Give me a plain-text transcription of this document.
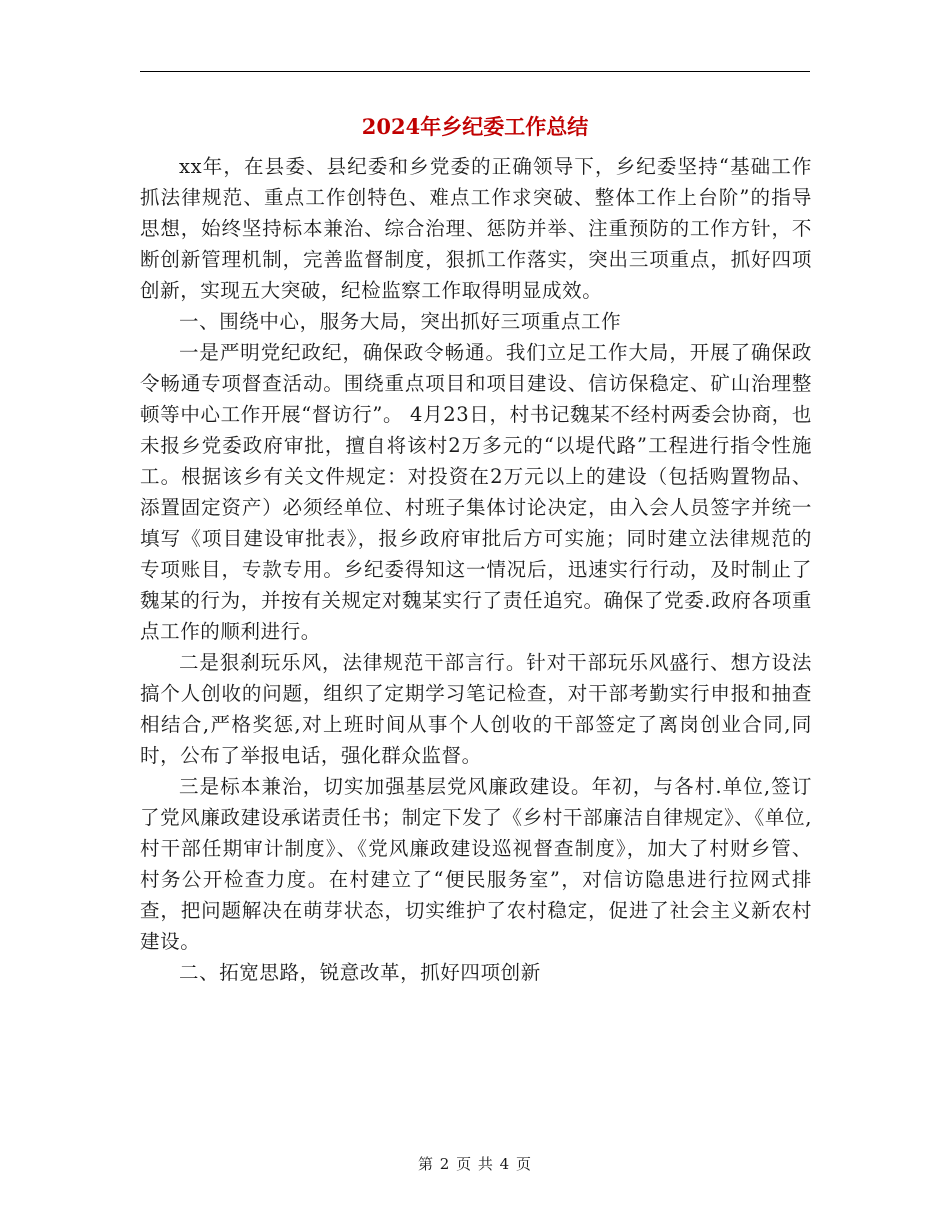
2024年乡纪委工作总结

xx年，在县委、县纪委和乡党委的正确领导下，乡纪委坚持“基础工作抓法律规范、重点工作创特色、难点工作求突破、整体工作上台阶”的指导思想，始终坚持标本兼治、综合治理、惩防并举、注重预防的工作方针，不断创新管理机制，完善监督制度，狠抓工作落实，突出三项重点，抓好四项创新，实现五大突破，纪检监察工作取得明显成效。

一、围绕中心，服务大局，突出抓好三项重点工作

一是严明党纪政纪，确保政令畅通。我们立足工作大局，开展了确保政令畅通专项督查活动。围绕重点项目和项目建设、信访保稳定、矿山治理整顿等中心工作开展“督访行”。 4月23日，村书记魏某不经村两委会协商，也未报乡党委政府审批，擅自将该村2万多元的“以堤代路”工程进行指令性施工。根据该乡有关文件规定：对投资在2万元以上的建设（包括购置物品、添置固定资产）必须经单位、村班子集体讨论决定，由入会人员签字并统一填写《项目建设审批表》，报乡政府审批后方可实施；同时建立法律规范的专项账目，专款专用。乡纪委得知这一情况后，迅速实行行动，及时制止了魏某的行为，并按有关规定对魏某实行了责任追究。确保了党委.政府各项重点工作的顺利进行。

二是狠刹玩乐风，法律规范干部言行。针对干部玩乐风盛行、想方设法搞个人创收的问题，组织了定期学习笔记检查，对干部考勤实行申报和抽查相结合,严格奖惩,对上班时间从事个人创收的干部签定了离岗创业合同,同时，公布了举报电话，强化群众监督。

三是标本兼治，切实加强基层党风廉政建设。年初，与各村.单位,签订了党风廉政建设承诺责任书；制定下发了《乡村干部廉洁自律规定》、《单位,村干部任期审计制度》、《党风廉政建设巡视督查制度》，加大了村财乡管、村务公开检查力度。在村建立了“便民服务室”，对信访隐患进行拉网式排查，把问题解决在萌芽状态，切实维护了农村稳定，促进了社会主义新农村建设。

二、拓宽思路，锐意改革，抓好四项创新

第 2 页 共 4 页
